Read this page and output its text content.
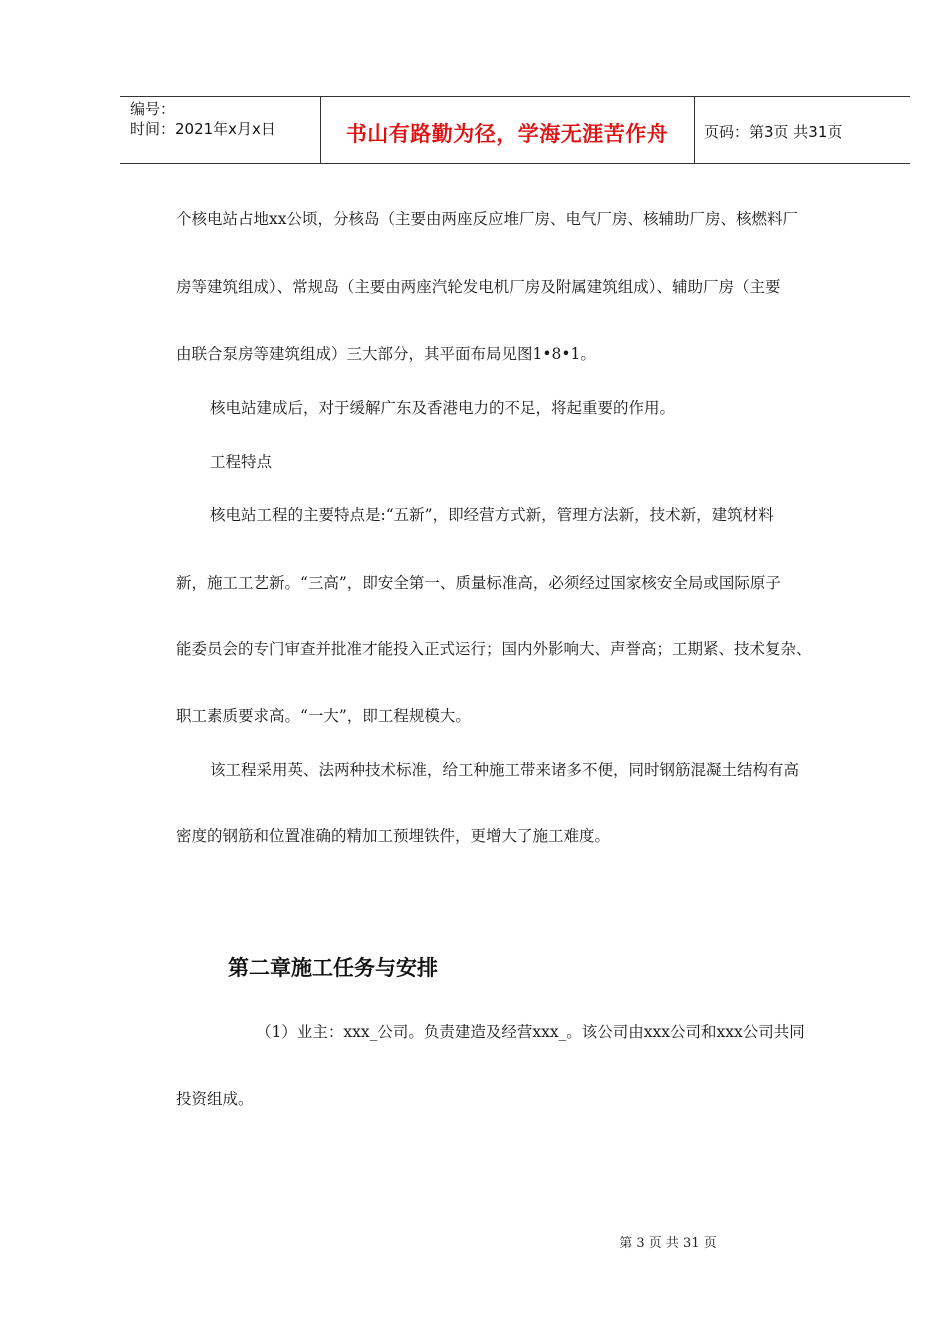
编号：
时间：2021年x月x日	书山有路勤为径，学海无涯苦作舟	页码：第3页 共31页
个核电站占地xx公顷，分核岛（主要由两座反应堆厂房、电气厂房、核辅助厂房、核燃料厂
房等建筑组成）、常规岛（主要由两座汽轮发电机厂房及附属建筑组成）、辅助厂房（主要
由联合泵房等建筑组成）三大部分，其平面布局见图1•8•1。
核电站建成后，对于缓解广东及香港电力的不足，将起重要的作用。
工程特点
核电站工程的主要特点是:“五新”，即经营方式新，管理方法新，技术新，建筑材料
新，施工工艺新。“三高”，即安全第一、质量标准高，必须经过国家核安全局或国际原子
能委员会的专门审查并批准才能投入正式运行；国内外影响大、声誉高；工期紧、技术复杂、
职工素质要求高。“一大”，即工程规模大。
该工程采用英、法两种技术标准，给工种施工带来诸多不便，同时钢筋混凝土结构有高
密度的钢筋和位置准确的精加工预埋铁件，更增大了施工难度。
第二章施工任务与安排
（1）业主：xxx_公司。负责建造及经营xxx_。该公司由xxx公司和xxx公司共同
投资组成。
第 3 页 共 31 页
